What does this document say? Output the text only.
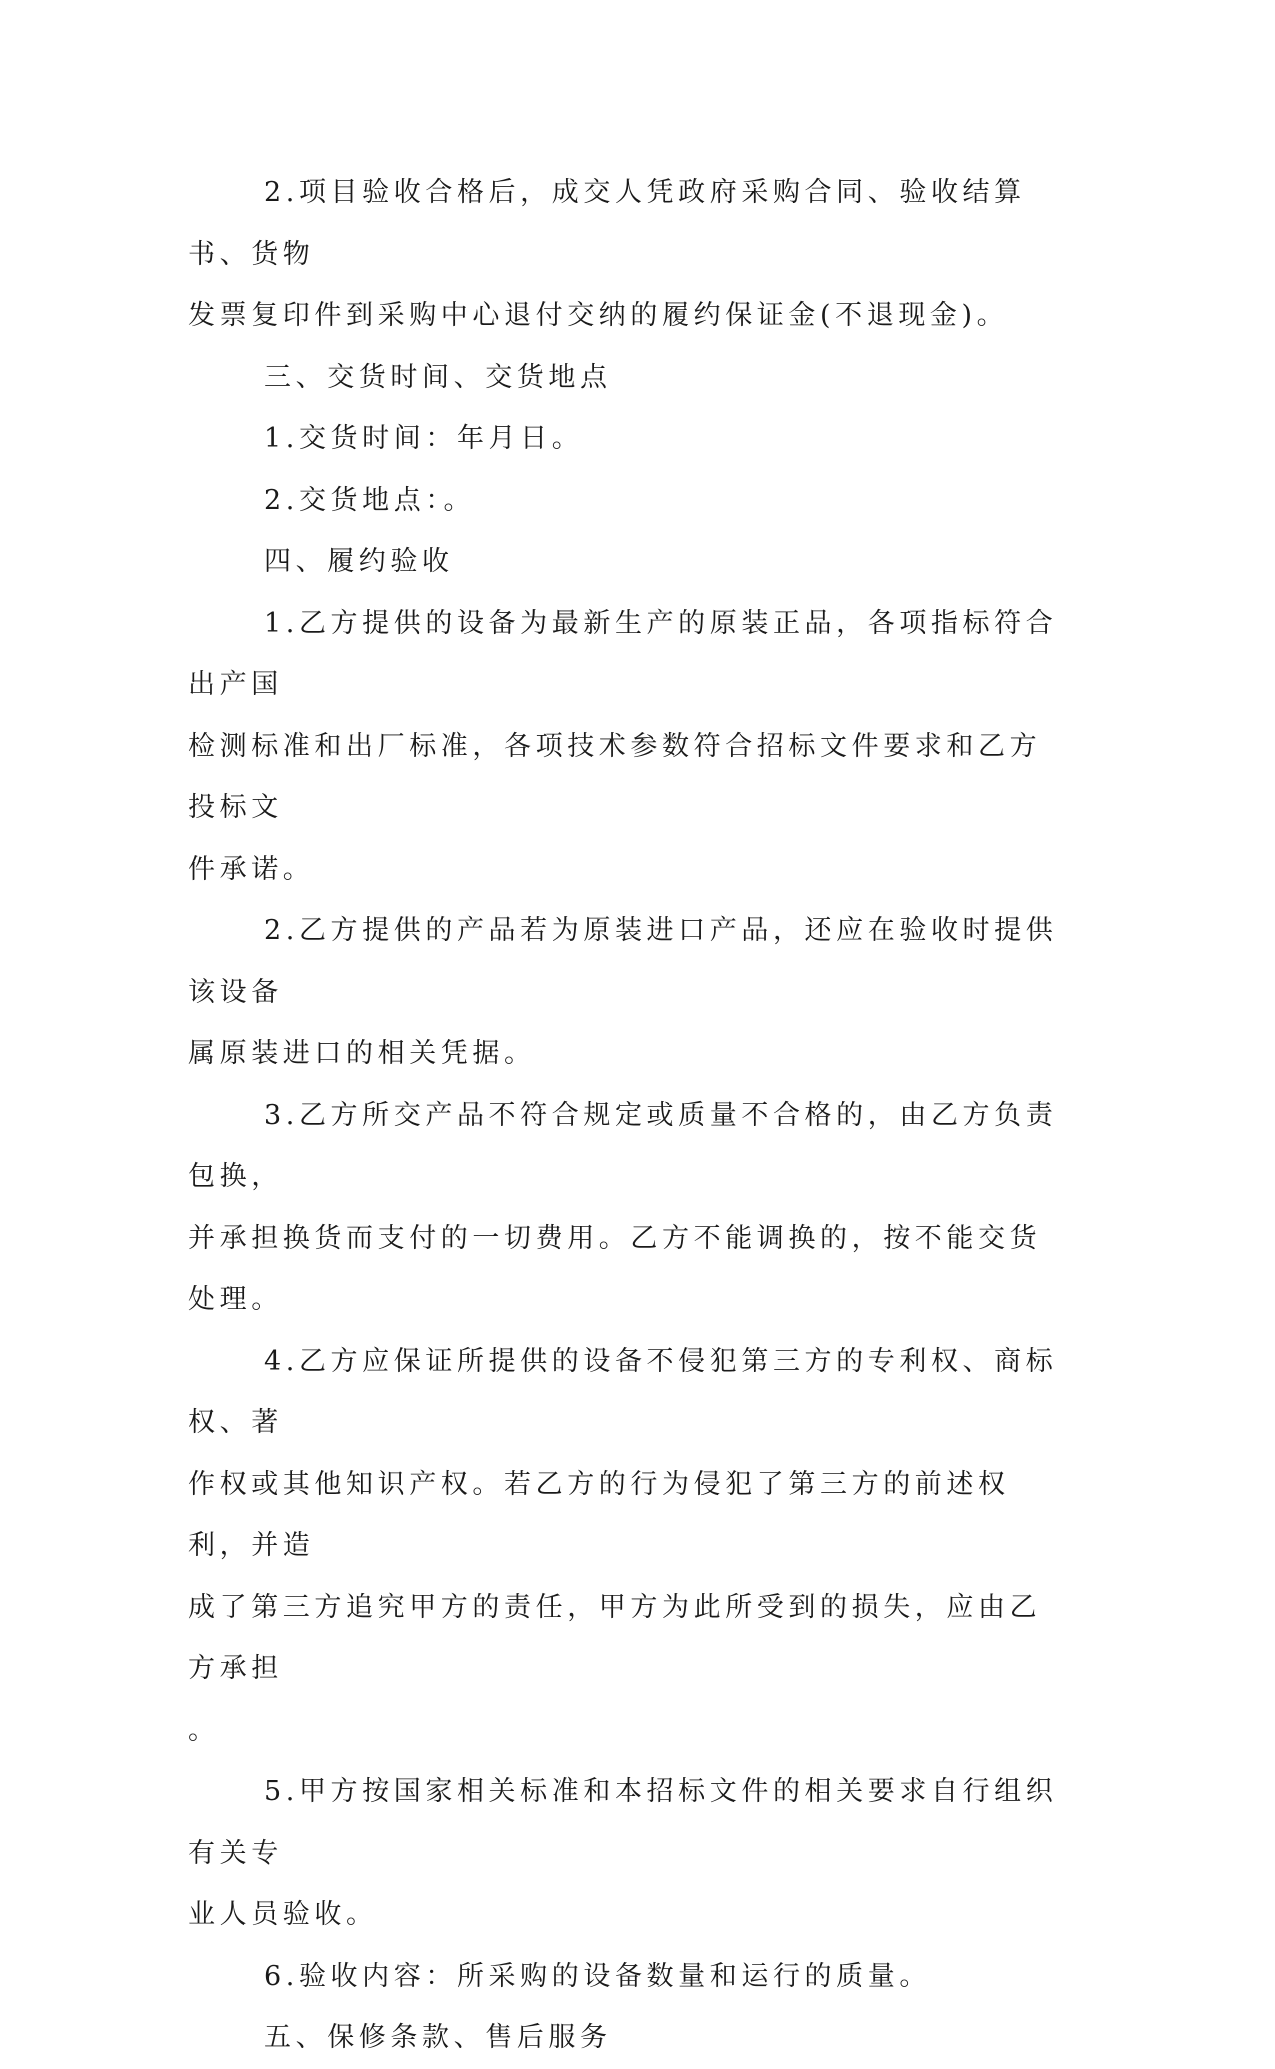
2.项目验收合格后，成交人凭政府采购合同、验收结算书、货物
发票复印件到采购中心退付交纳的履约保证金(不退现金)。

三、交货时间、交货地点

1.交货时间：年月日。

2.交货地点：。

四、履约验收

1.乙方提供的设备为最新生产的原装正品，各项指标符合出产国
检测标准和出厂标准，各项技术参数符合招标文件要求和乙方投标文
件承诺。

2.乙方提供的产品若为原装进口产品，还应在验收时提供该设备
属原装进口的相关凭据。

3.乙方所交产品不符合规定或质量不合格的，由乙方负责包换，
并承担换货而支付的一切费用。乙方不能调换的，按不能交货处理。

4.乙方应保证所提供的设备不侵犯第三方的专利权、商标权、著
作权或其他知识产权。若乙方的行为侵犯了第三方的前述权利，并造
成了第三方追究甲方的责任，甲方为此所受到的损失，应由乙方承担
。

5.甲方按国家相关标准和本招标文件的相关要求自行组织有关专
业人员验收。

6.验收内容：所采购的设备数量和运行的质量。

五、保修条款、售后服务
